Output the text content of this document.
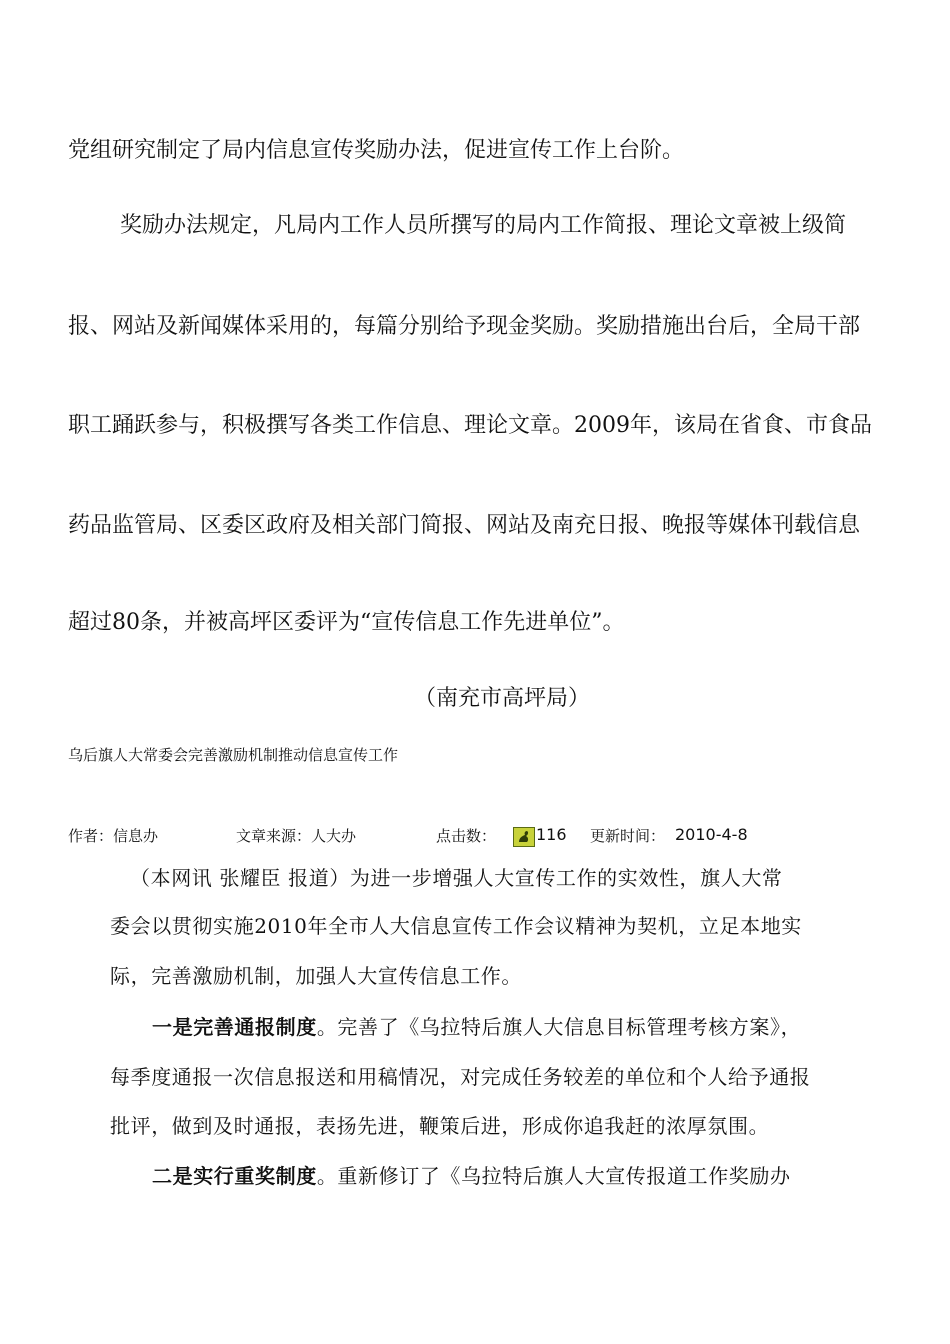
党组研究制定了局内信息宣传奖励办法，促进宣传工作上台阶。
奖励办法规定，凡局内工作人员所撰写的局内工作简报、理论文章被上级简
报、网站及新闻媒体采用的，每篇分别给予现金奖励。奖励措施出台后，全局干部
职工踊跃参与，积极撰写各类工作信息、理论文章。2009年，该局在省食、市食品
药品监管局、区委区政府及相关部门简报、网站及南充日报、晚报等媒体刊载信息
超过80条，并被高坪区委评为“宣传信息工作先进单位”。
（南充市高坪局）
乌后旗人大常委会完善激励机制推动信息宣传工作
作者：信息办	文章来源：人大办	点击数： 116 更新时间： 2010-4-8
（本网讯 张耀臣 报道）为进一步增强人大宣传工作的实效性，旗人大常
委会以贯彻实施2010年全市人大信息宣传工作会议精神为契机，立足本地实
际，完善激励机制，加强人大宣传信息工作。
一是完善通报制度。完善了《乌拉特后旗人大信息目标管理考核方案》，
每季度通报一次信息报送和用稿情况，对完成任务较差的单位和个人给予通报
批评，做到及时通报，表扬先进，鞭策后进，形成你追我赶的浓厚氛围。
二是实行重奖制度。重新修订了《乌拉特后旗人大宣传报道工作奖励办
